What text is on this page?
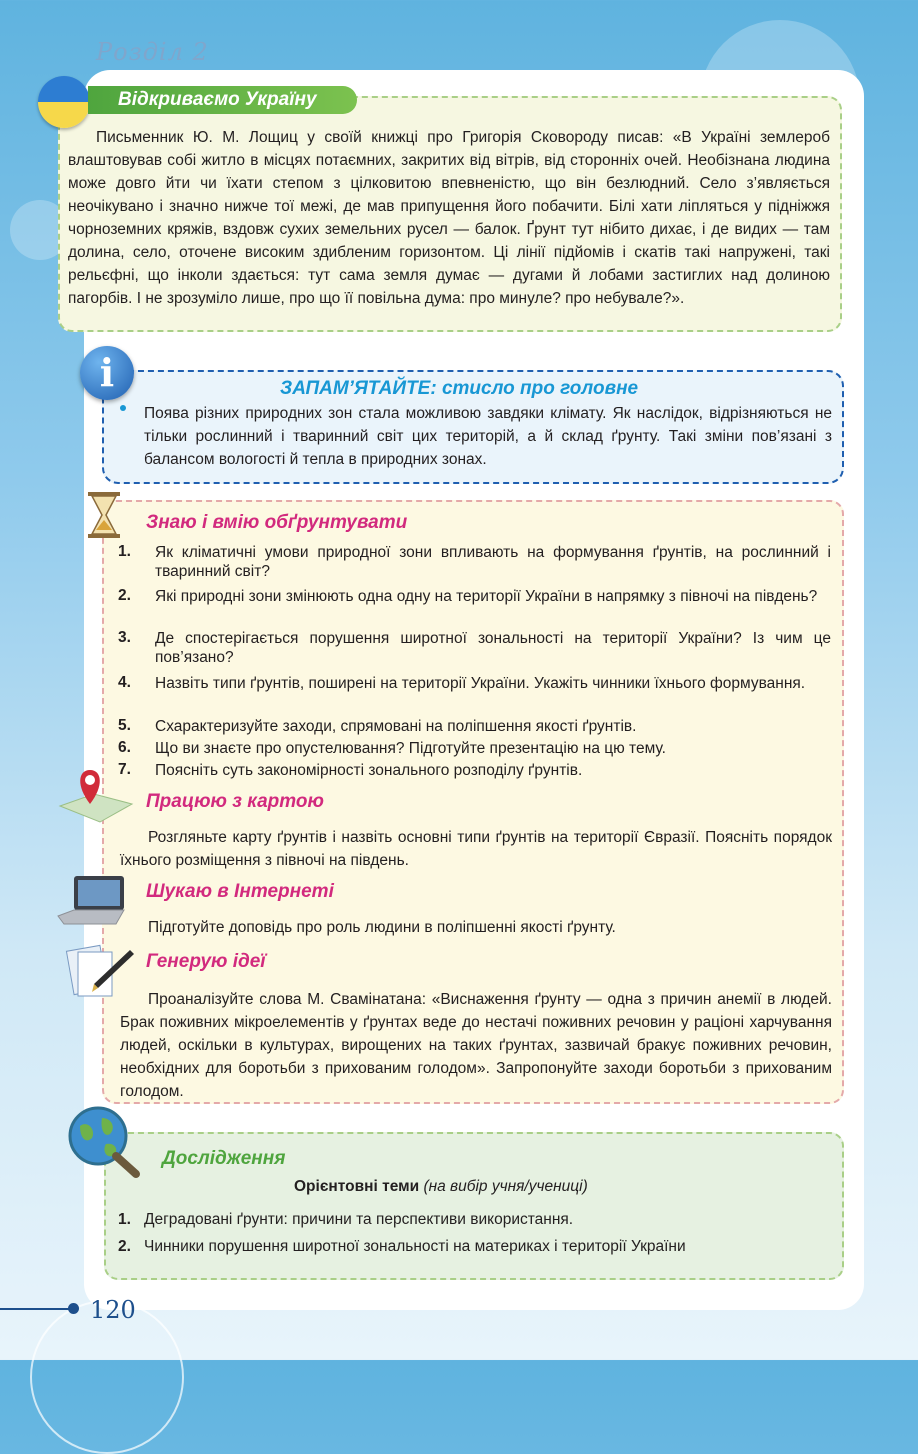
Розділ 2
Відкриваємо Україну
Письменник Ю. М. Лощиц у своїй книжці про Григорія Сковороду писав: «В Україні землероб влаштовував собі житло в місцях потаємних, закритих від вітрів, від сторонніх очей. Необізнана людина може довго йти чи їхати степом з цілковитою впевненістю, що він безлюдний. Село з’являється неочікувано і значно нижче тої межі, де мав припущення його побачити. Білі хати ліпляться у підніжжя чорноземних кряжів, вздовж сухих земельних русел — балок. Ґрунт тут нібито дихає, і де видих — там долина, село, оточене високим здибленим горизонтом. Ці лінії підйомів і скатів такі напружені, такі рельєфні, що інколи здається: тут сама земля думає — дугами й лобами застиглих над долиною пагорбів. І не зрозуміло лише, про що її повільна дума: про минуле? про небувале?».
i	ЗАПАМ’ЯТАЙТЕ: стисло про головне
Поява різних природних зон стала можливою завдяки клімату. Як наслідок, відрізняються не тільки рослинний і тваринний світ цих територій, а й склад ґрунту. Такі зміни пов’язані з балансом вологості й тепла в природних зонах.
Знаю і вмію обґрунтувати
1. Як кліматичні умови природної зони впливають на формування ґрунтів, на рослинний і тваринний світ?
2. Які природні зони змінюють одна одну на території України в напрямку з півночі на південь?
3. Де спостерігається порушення широтної зональності на території України? Із чим це пов’язано?
4. Назвіть типи ґрунтів, поширені на території України. Укажіть чинники їхнього формування.
5. Схарактеризуйте заходи, спрямовані на поліпшення якості ґрунтів.
6. Що ви знаєте про опустелювання? Підготуйте презентацію на цю тему.
7. Поясніть суть закономірності зонального розподілу ґрунтів.
Працюю з картою
Розгляньте карту ґрунтів і назвіть основні типи ґрунтів на території Євразії. Поясніть порядок їхнього розміщення з півночі на південь.
Шукаю в Інтернеті
Підготуйте доповідь про роль людини в поліпшенні якості ґрунту.
Генерую ідеї
Проаналізуйте слова М. Свамінатана: «Виснаження ґрунту — одна з причин анемії в людей. Брак поживних мікроелементів у ґрунтах веде до нестачі поживних речовин у раціоні харчування людей, оскільки в культурах, вирощених на таких ґрунтах, зазвичай бракує поживних речовин, необхідних для боротьби з прихованим голодом». Запропонуйте заходи боротьби з прихованим голодом.
Дослідження
Орієнтовні теми (на вибір учня/учениці)
1. Деградовані ґрунти: причини та перспективи використання.
2. Чинники порушення широтної зональності на материках і території України
120
